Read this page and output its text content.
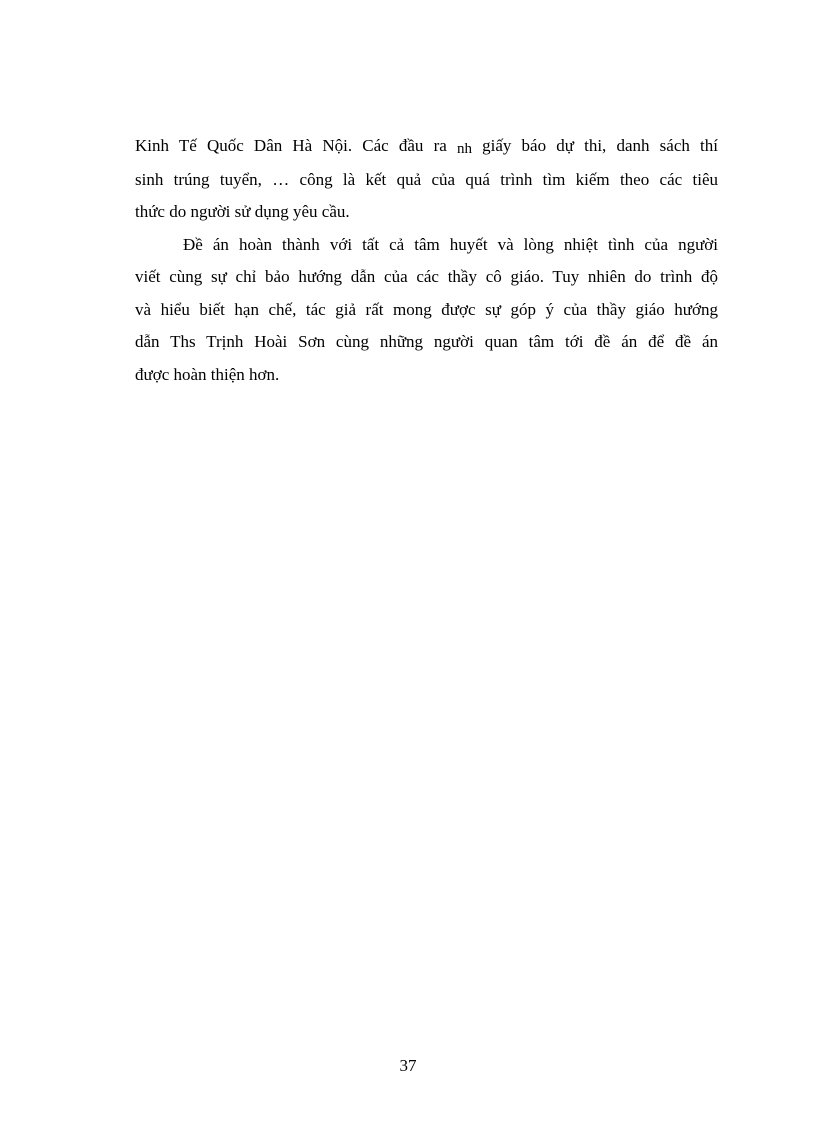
Kinh Tế Quốc Dân Hà Nội. Các đầu ra nh giấy báo dự thi, danh sách thí
sinh trúng tuyển, … công là kết quả của quá trình tìm kiếm theo các tiêu
thức do người sử dụng yêu cầu.
Đề án hoàn thành với tất cả tâm huyết và lòng nhiệt tình của người
viết cùng sự chỉ bảo hướng dẫn của các thầy cô giáo. Tuy nhiên do trình độ
và hiểu biết hạn chế, tác giả rất mong được sự góp ý của thầy giáo hướng
dẫn Ths Trịnh Hoài Sơn cùng những người quan tâm tới đề án để đề án
được hoàn thiện hơn.
37
